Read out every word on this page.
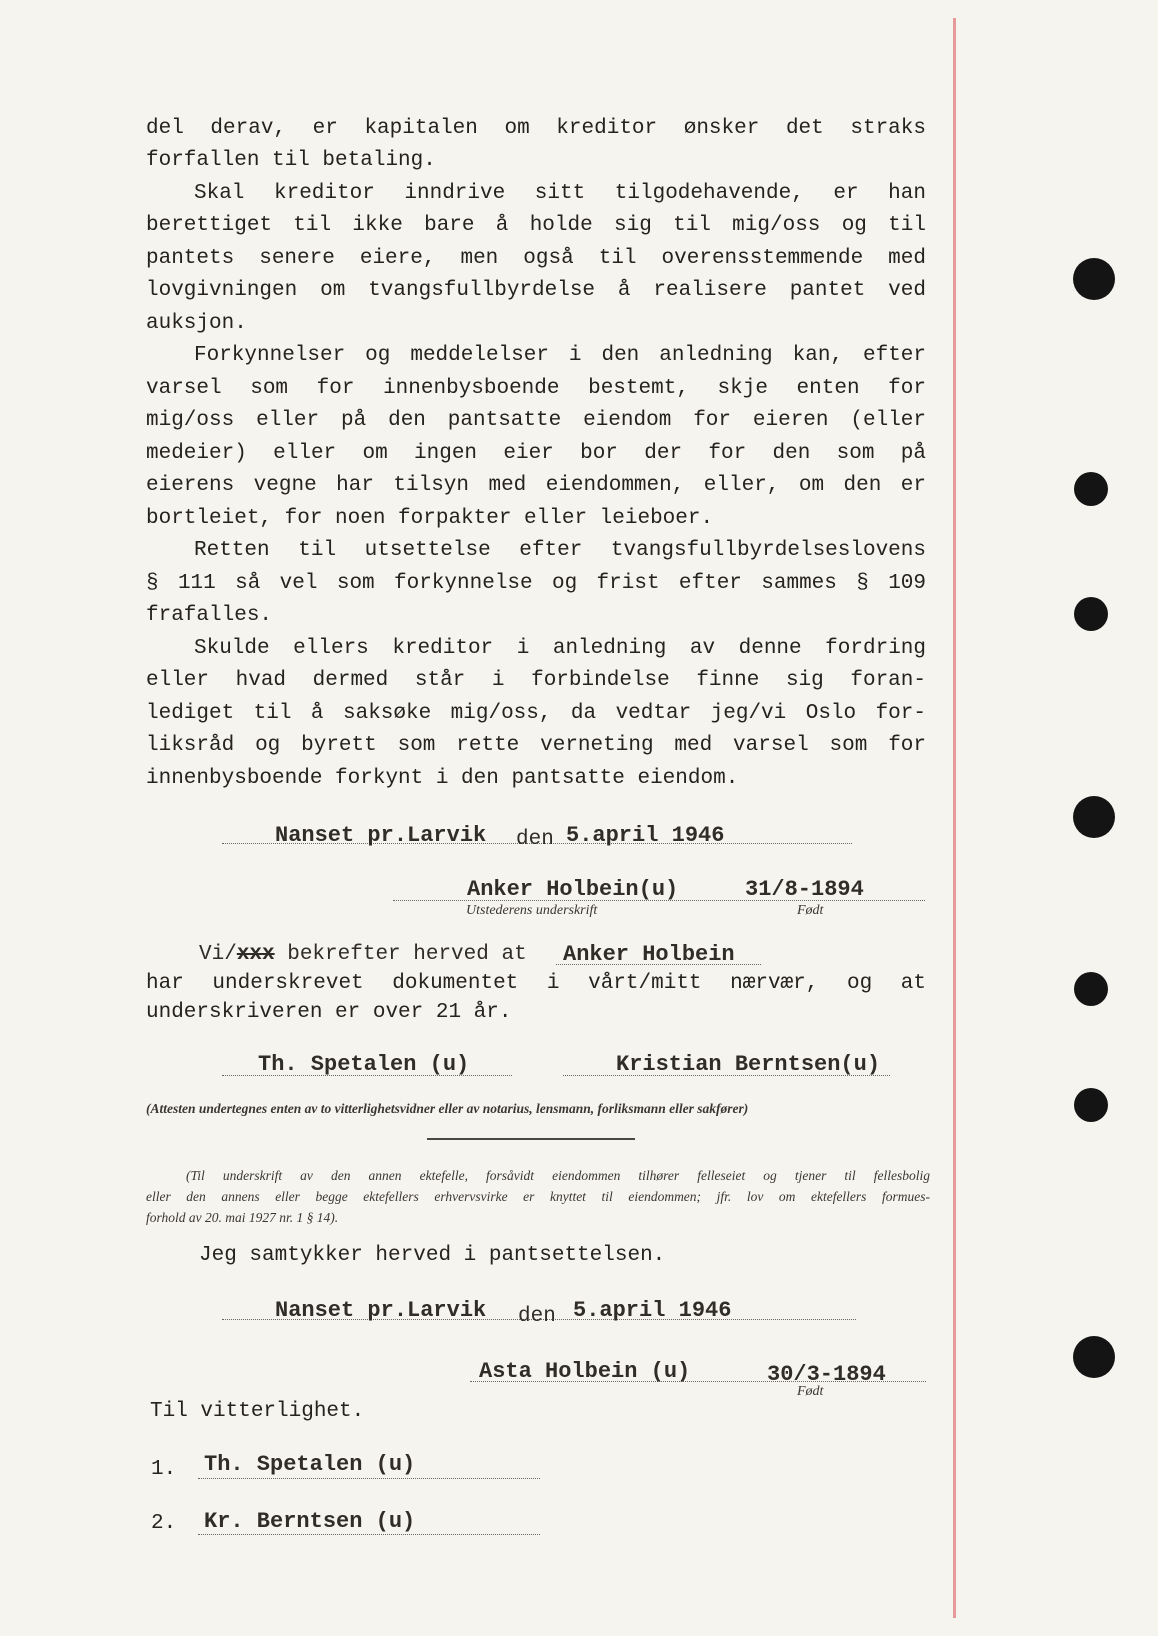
del derav, er kapitalen om kreditor ønsker det straks
forfallen til betaling.
Skal kreditor inndrive sitt tilgodehavende, er han
berettiget til ikke bare å holde sig til mig/oss og til
pantets senere eiere, men også til overensstemmende med
lovgivningen om tvangsfullbyrdelse å realisere pantet ved
auksjon.
Forkynnelser og meddelelser i den anledning kan, efter
varsel som for innenbysboende bestemt, skje enten for
mig/oss eller på den pantsatte eiendom for eieren (eller
medeier) eller om ingen eier bor der for den som på
eierens vegne har tilsyn med eiendommen, eller, om den er
bortleiet, for noen forpakter eller leieboer.
Retten til utsettelse efter tvangsfullbyrdelseslovens
§ 111 så vel som forkynnelse og frist efter sammes § 109
frafalles.
Skulde ellers kreditor i anledning av denne fordring
eller hvad dermed står i forbindelse finne sig foran-
lediget til å saksøke mig/oss, da vedtar jeg/vi Oslo for-
liksråd og byrett som rette verneting med varsel som for
innenbysboende forkynt i den pantsatte eiendom.
Nanset pr.Larvik den 5.april 1946
Anker Holbein(u)	31/8-1894
Utstederens underskrift	Født
Vi/xxx bekrefter herved at Anker Holbein
har underskrevet dokumentet i vårt/mitt nærvær, og at
underskriveren er over 21 år.
Th. Spetalen (u)	Kristian Berntsen(u)
(Attesten undertegnes enten av to vitterlighetsvidner eller av notarius, lensmann, forliksmann eller sakfører)
(Til underskrift av den annen ektefelle, forsåvidt eiendommen tilhører felleseiet og tjener til fellesbolig
eller den annens eller begge ektefellers erhvervsvirke er knyttet til eiendommen; jfr. lov om ektefellers formues-
forhold av 20. mai 1927 nr. 1 § 14).
Jeg samtykker herved i pantsettelsen.
Nanset pr.Larvik den 5.april 1946
Asta Holbein (u)	30/3-1894
Født
Til vitterlighet.
1. Th. Spetalen (u)
2. Kr. Berntsen (u)
